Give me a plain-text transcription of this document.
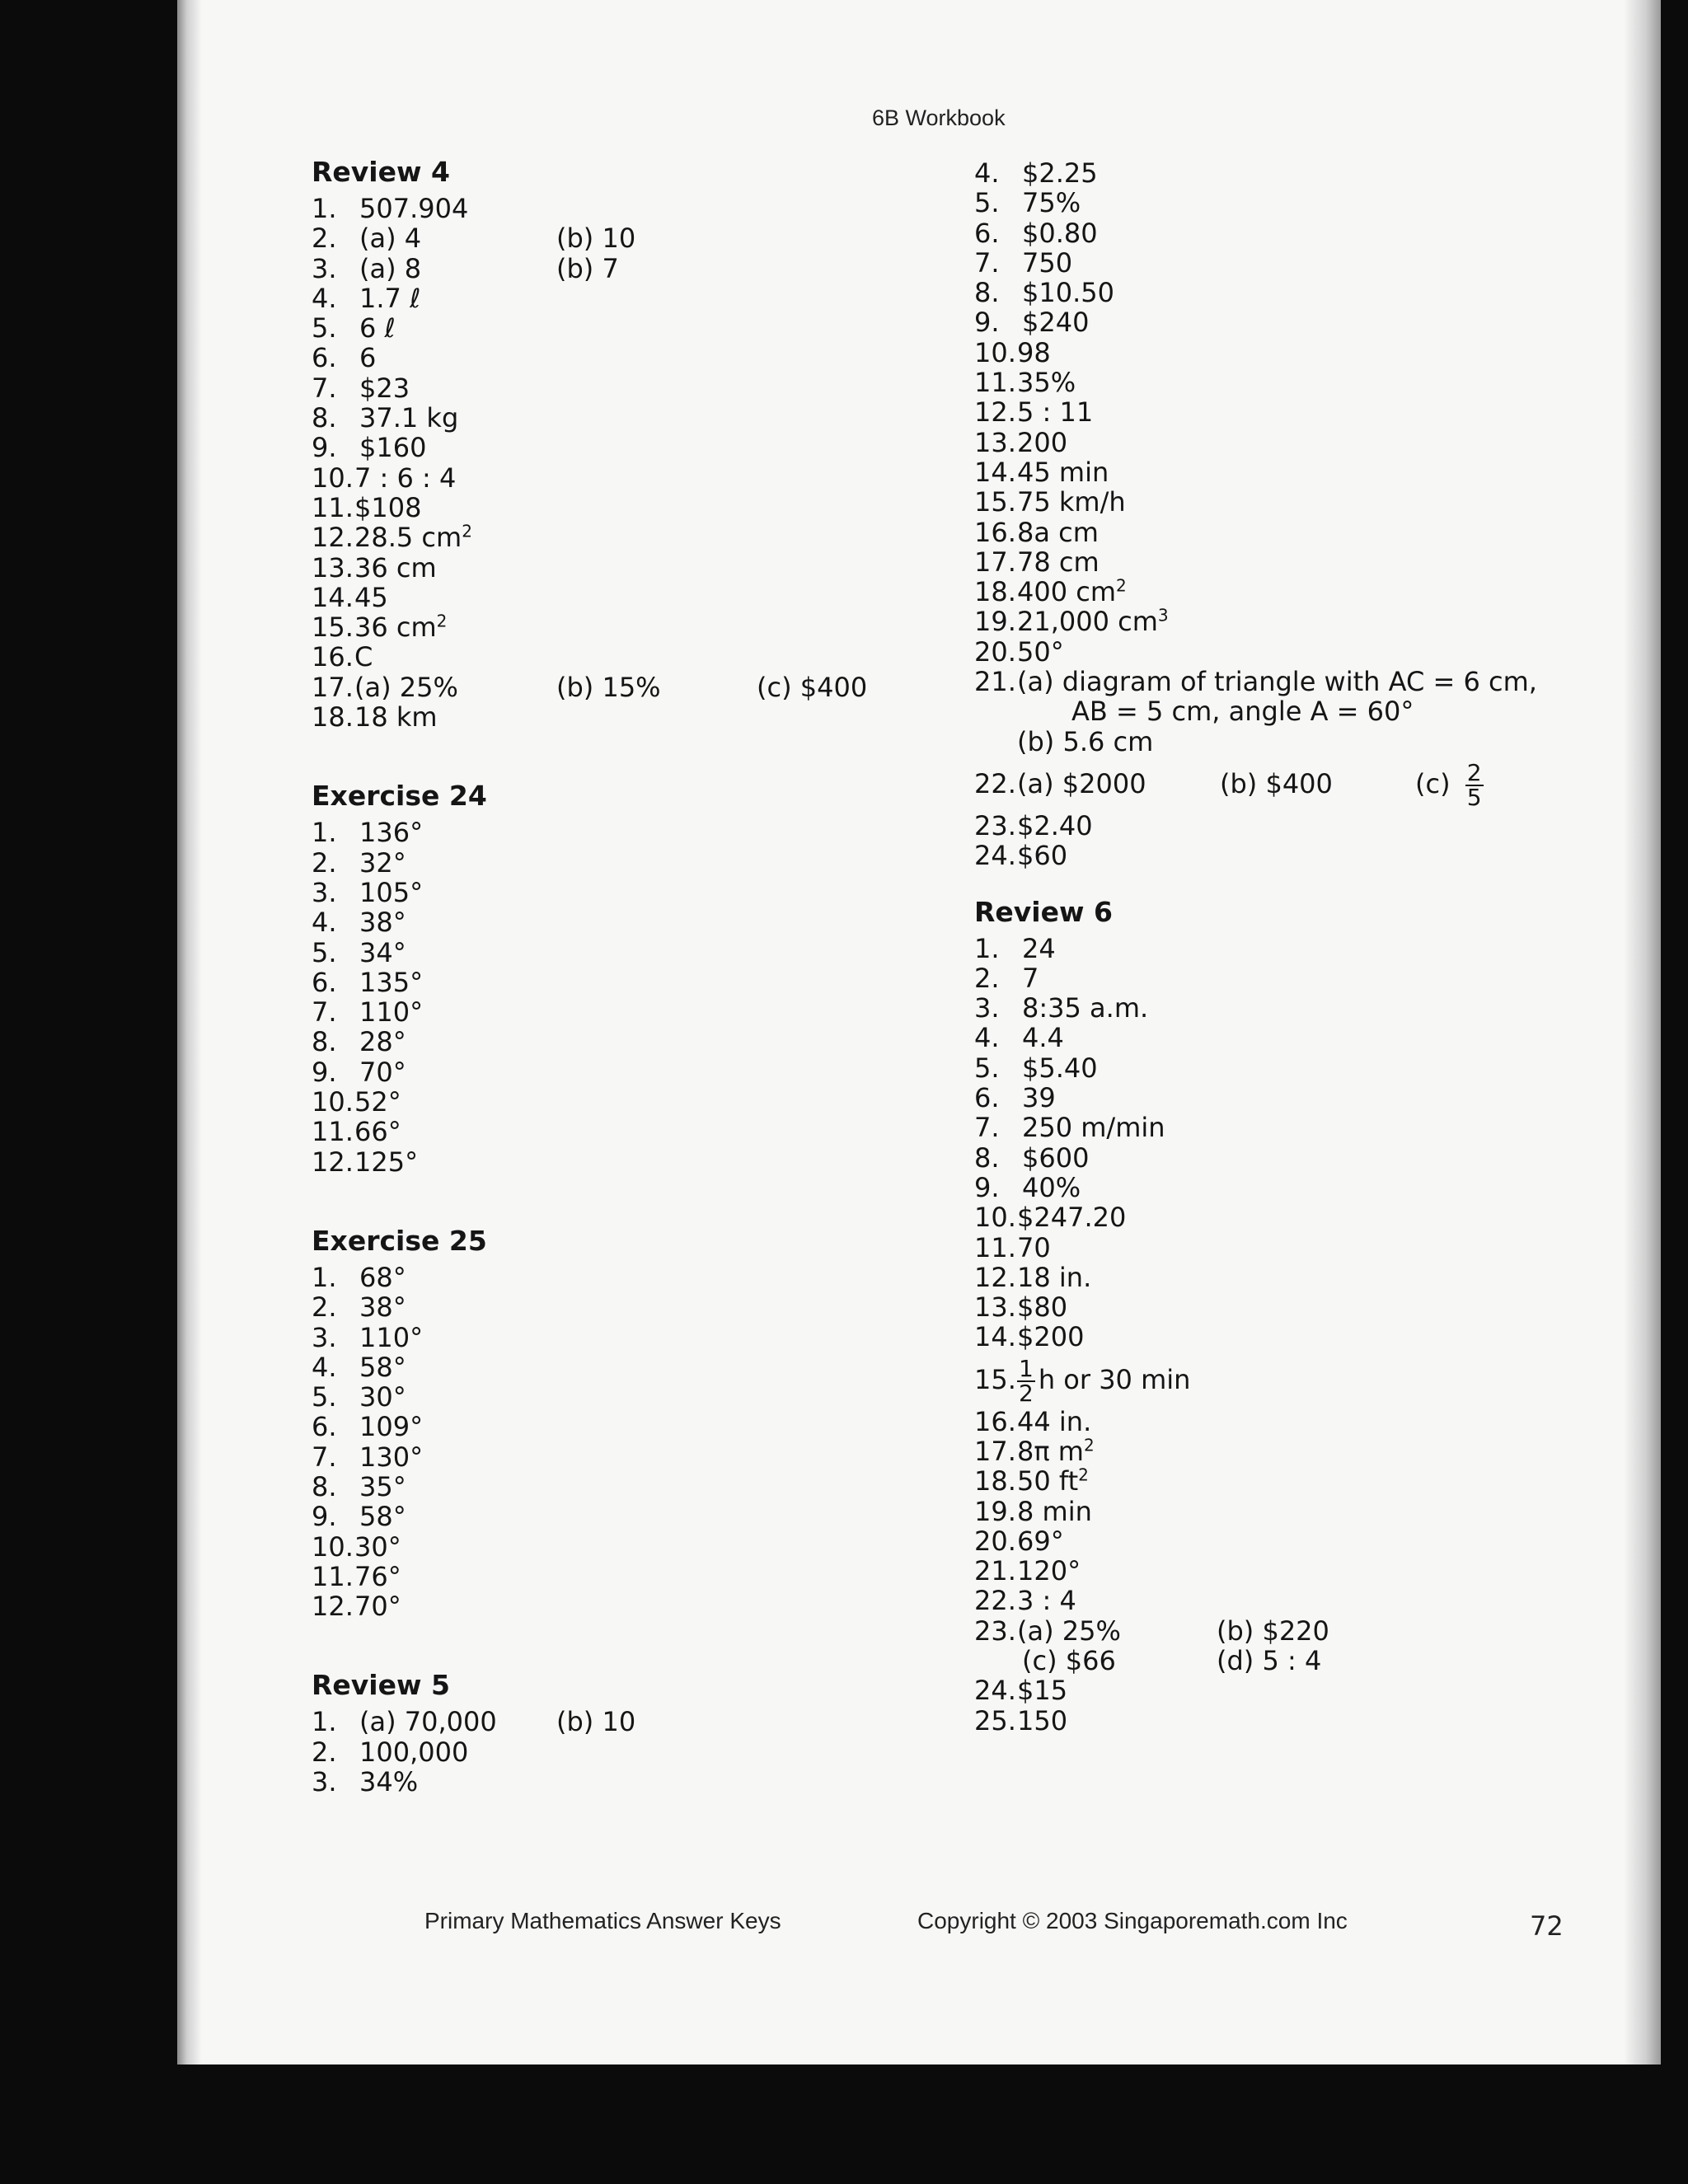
6B Workbook
Review 4
1. 507.904
2. (a) 4	(b) 10
3. (a) 8	(b) 7
4. 1.7 ℓ
5. 6 ℓ
6. 6
7. $23
8. 37.1 kg
9. $160
10. 7 : 6 : 4
11. $108
12. 28.5 $cm^2$
13. 36 cm
14. 45
15. 36 $cm^2$
16. C
17. (a) 25%	(b) 15%	(c) $400
18. 18 km
Exercise 24
1. 136°
2. 32°
3. 105°
4. 38°
5. 34°
6. 135°
7. 110°
8. 28°
9. 70°
10. 52°
11. 66°
12. 125°
Exercise 25
1. 68°
2. 38°
3. 110°
4. 58°
5. 30°
6. 109°
7. 130°
8. 35°
9. 58°
10. 30°
11. 76°
12. 70°
Review 5
1. (a) 70,000 (b) 10
2. 100,000
3. 34%
4. $2.25
5. 75%
6. $0.80
7. 750
8. $10.50
9. $240
10. 98
11. 35%
12. 5 : 11
13. 200
14. 45 min
15. 75 km/h
16. 8a cm
17. 78 cm
18. 400 $cm^2$
19. 21,000 $cm^3$
20. 50°
21. (a) diagram of triangle with AC = 6 cm,
AB = 5 cm, angle A = 60°
(b) 5.6 cm
22. (a) $2000	(b) $400	$(c) \frac{2}{5}$
23. $2.40
24. $60
Review 6
1. 24
2. 7
3. 8:35 a.m.
4. 4.4
5. $5.40
6. 39
7. 250 m/min
8. $600
9. 40%
10. $247.20
11. 70
12. 18 in.
13. $80
14. $200
15. $\frac{1}{2}$ h or 30 min
16. 44 in.
17. 8π $m^2$
18. 50 $ft^2$
19. 8 min
20. 69°
21. 120°
22. 3 : 4
23. (a) 25%	(b) $220
(c) $66	(d) 5 : 4
24. $15
25. 150
Primary Mathematics Answer Keys	Copyright © 2003 Singaporemath.com Inc	72
